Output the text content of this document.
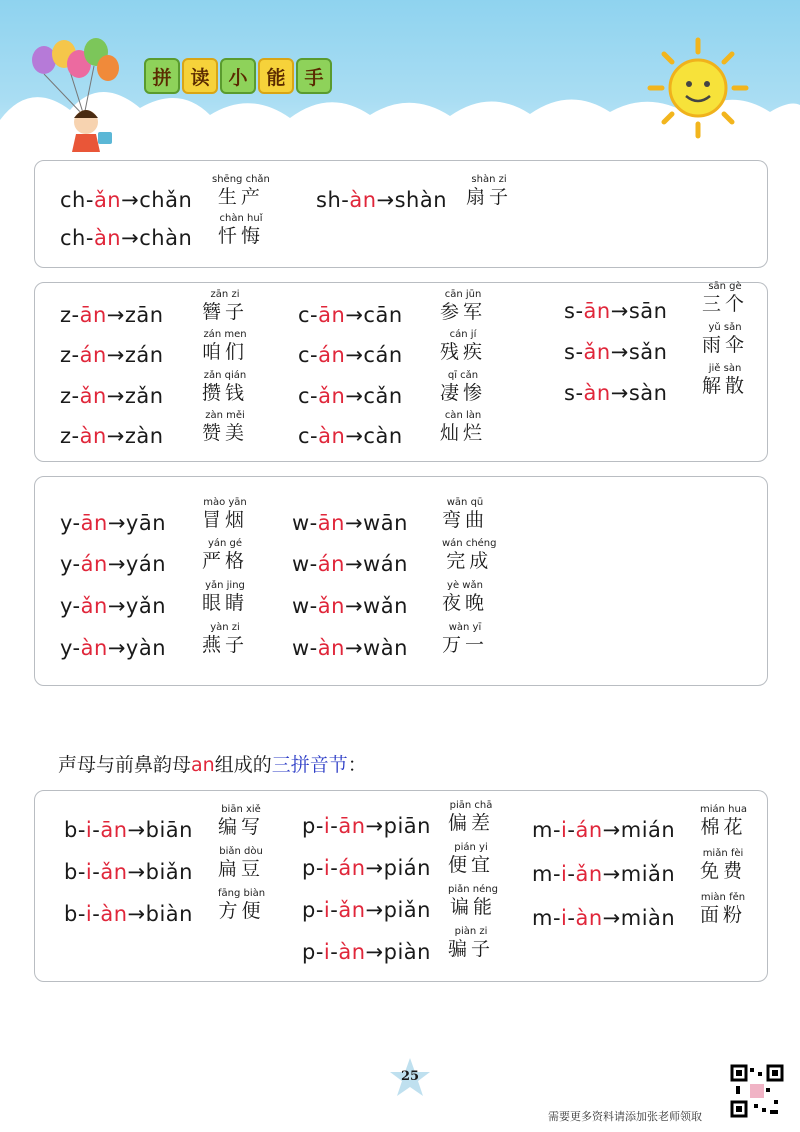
拼 读 小 能 手
ch-ǎn→chǎn
shēng chǎn
生产 sh-àn→shàn
shàn zi
扇子
ch-àn→chàn
chàn huǐ
忏悔
z-ān→zān
zān zi
簪子
z-án→zán
zán men
咱们
z-ǎn→zǎn
zǎn qián
攒钱
z-àn→zàn
zàn měi
赞美
c-ān→cān
cān jūn
参军
c-án→cán
cán jí
残疾
c-ǎn→cǎn
qī cǎn
凄惨
c-àn→càn
càn làn
灿烂
s-ān→sān
sān gè
三个
s-ǎn→sǎn
yǔ sǎn
雨伞
s-àn→sàn
jiě sàn
解散
y-ān→yān
mào yān
冒烟
y-án→yán
yán gé
严格
y-ǎn→yǎn
yǎn jing
眼睛
y-àn→yàn
yàn zi
燕子
w-ān→wān
wān qū
弯曲
w-án→wán
wán chéng
完成
w-ǎn→wǎn
yè wǎn
夜晚
w-àn→wàn
wàn yī
万一
声母与前鼻韵母an组成的三拼音节：
b-i-ān→biān
biān xiě
编写
b-i-ǎn→biǎn
biǎn dòu
扁豆
b-i-àn→biàn
fāng biàn
方便
p-i-ān→piān
piān chā
偏差
p-i-án→pián
pián yi
便宜
p-i-ǎn→piǎn
piǎn néng
谝能
p-i-àn→piàn
piàn zi
骗子
m-i-án→mián
mián hua
棉花
m-i-ǎn→miǎn
miǎn fèi
免费
m-i-àn→miàn
miàn fěn
面粉
25
需要更多资料请添加张老师领取
